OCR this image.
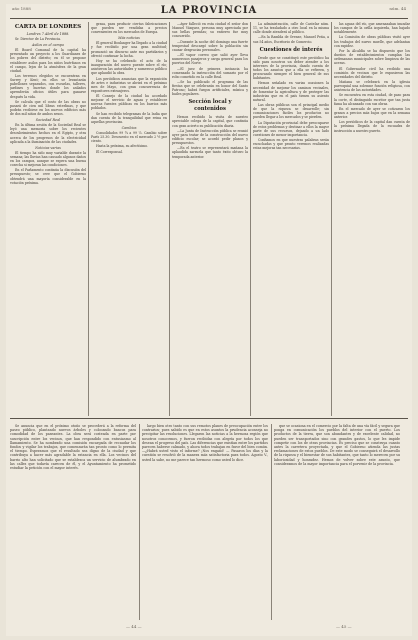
año 1888	LA PROVINCIA	núm. 44
CARTA DE LONDRES
Londres 7 Abril de 1888.

Sr. Director de La Provincia.

Asilos en el campo

El Board Comunal de la capital ha presentado un proyecto a los Guardianes de los pobres del distrito; en él se propone establecer asilos para los niños huérfanos en el campo, lejos de la atmósfera de la gran ciudad.

Los terrenos elegidos se encuentran en Surrey y Kent; en ellos se levantarán pabellones separados, con escuelas, talleres, jardines y huertas donde los asilados aprenderán oficios útiles para ganarse después la vida.

Se calcula que el costo de las obras no pasará de cien mil libras esterlinas, y que podrán recibirse en los nuevos edificios más de dos mil niños de ambos sexos.

Sociedad Real

En la última sesión de la Sociedad Real se leyó una memoria sobre los recientes descubrimientos hechos en el Egipto, y otra acerca de los progresos de la electricidad aplicada a la iluminación de las ciudades.

Noticias varias

El tiempo ha sido muy variable durante la semana; las lluvias han causado algunos daños en los campos, aunque se espera una buena cosecha si mejoran las condiciones.

En el Parlamento continúa la discusión del presupuesto; se cree que el Gobierno obtendrá una mayoría considerable en la votación próxima.

grasa, para producir ciertas fabricaciones que pueden ser vendidas a precios convenientes en los mercados de Europa.

Más noticias

El general Boulanger ha llegado a la ciudad y fue recibido por una gran multitud; pronunció un discurso ante sus partidarios y ofreció continuar la lucha.

Hoy se ha celebrado el acto de la inauguración del nuevo puente sobre el río; asistieron las autoridades y numeroso público que aplaudió la obra.

Los periódicos anuncian que la exposición de artes e industrias se abrirá en el próximo mes de Mayo, con gran concurrencia de expositores extranjeros.

El Consejo de la ciudad ha acordado mejorar el servicio de aguas y establecer nuevas fuentes públicas en los barrios más poblados.

Se han recibido telegramas de la India que dan cuenta de la tranquilidad que reina en aquellas provincias.

Cambios

Consolidados 99 ¾ a 99 ⅞. Cambio sobre París 25.30. Descuento en el mercado 2 ½ por ciento.

Hasta la próxima, su afectísimo.

El Corresponsal.

—Ayer falleció en esta ciudad el señor don Manuel Vázquez, persona muy apreciada por sus bellas prendas; su entierro fue muy concurrido.

—Durante la noche del domingo una fuerte tempestad descargó sobre la población sin causar desgracias personales.

—El vapor correo que salió ayer lleva numerosos pasajeros y carga general para los puertos del Norte.

—El juez de primera instancia ha comenzado la instrucción del sumario por el robo cometido en la calle Real.

—Se ha publicado el programa de las fiestas que se celebrarán en honor del Santo Patrono; habrá fuegos artificiales, música y bailes populares.

Sección local y contenidos

Hemos recibido la visita de nuestro apreciable colega de la capital, que continúa con gran acierto su publicación diaria.

—La Junta de Instrucción pública se reunió ayer para tratar de la construcción del nuevo edificio escolar; se acordó pedir planos y presupuestos.

—En el teatro se representará mañana la aplaudida zarzuela que tanto éxito obtuvo la temporada anterior.

La administración, calle de Castelar núm. 11, se ha trasladado a otro local en la misma calle donde atenderá al público.

—En la Rambla de Orense, Manuel Peña, a sus 54 años, Escritorio de Comercio.

Cuestiones de interés

Desde que se constituyó este periódico ha sido para nosotros un deber atender a los intereses de la provincia, dando cuenta de todos los asuntos que a ella se refieren, y procurando siempre el bien general de sus habitantes.

Hemos señalado en varias ocasiones la necesidad de mejorar los caminos vecinales, de fomentar la agricultura y de proteger las industrias que en el país tienen su asiento natural.

Las obras públicas son el principal medio de que la riqueza se desarrolle; sin comunicaciones fáciles los productos no pueden llegar a los mercados y se pierden.

La Diputación provincial debe preocuparse de estos problemas y destinar a ellos la mayor parte de sus recursos, dejando a un lado cuestiones de menor importancia.

Confiamos en que nuestras palabras serán escuchadas y que pronto veremos realizadas estas mejoras tan necesarias.

las aguas del río, que amenazaban inundar los campos de la orilla izquierda, han bajado notablemente.

La Comisión de obras públicas visitó ayer los trabajos del nuevo muelle, que adelantan con rapidez.

Por la Alcaldía se ha dispuesto que los dueños de establecimientos cumplan las ordenanzas municipales sobre limpieza de las aceras.

El Gobernador civil ha recibido una comisión de vecinos que le expusieron las necesidades del distrito.

Mañana se celebrará en la iglesia parroquial una solemne función religiosa, con asistencia de las autoridades.

Se encuentra en esta ciudad, de paso para la corte, el distinguido escritor que tan justa fama ha alcanzado con sus obras.

En el mercado de ayer se cotizaron los granos a precios más bajos que en la semana anterior.

Los periódicos de la capital dan cuenta de la próxima llegada de la escuadra de instrucción a nuestro puerto.

Se anuncia que en el próximo otoño se procederá a la reforma del paseo público, plantando nuevos árboles y colocando bancos para comodidad de los paseantes. La obra será costeada en parte por suscripción entre los vecinos, que han respondido con entusiasmo al llamamiento. Se ha nombrado una comisión encargada de recaudar los fondos y vigilar los trabajos, que comenzarán tan pronto como lo permita el tiempo. Esperamos que el resultado sea digno de la ciudad y que contribuya a hacer más agradable la estancia en ella. Los vecinos del barrio alto han solicitado que se establezca un servicio de alumbrado en las calles que todavía carecen de él, y el Ayuntamiento ha prometido estudiar la petición con el mayor interés.

largo bien otro tanto con sus remotos planes de preocupación entre los contrarios; pues sabido es que en estos asuntos la prudencia aconseja no precipitar las resoluciones. Llegaron las noticias a la hermosa región que nosotros conocemos, y fueron recibidas con alegría por todos los que desean el progreso del país. Las diferencias que existían entre los partidos parecen haberse calmado, y ahora todos trabajan en favor del bien común. —¿Habrá usted visto el informe? ¡Nos engañó! — Pasaron los días y la cuestión se resolvió de la manera más satisfactoria para todos. Agosto V., usted la sabe, no me parece tan hermoso como usted lo dice.

que se ocasiona en el comercio por la falta de una vía fácil y segura que ponga en comunicación los pueblos del interior con el puerto. Los productos de la tierra, que son abundantes y de excelente calidad, no pueden ser transportados sino con grandes gastos, lo que les impide competir con los de otras provincias. Es preciso que se construya cuanto antes la carretera proyectada, y que el Gobierno atienda las justas reclamaciones de estos pueblos. De este modo se conseguirá el desarrollo de la riqueza y el bienestar de sus habitantes, que tanto lo merecen por su laboriosidad y honradez. Hemos de volver sobre este asunto, que consideramos de la mayor importancia para el porvenir de la provincia.

— 44 —	— 45 —
